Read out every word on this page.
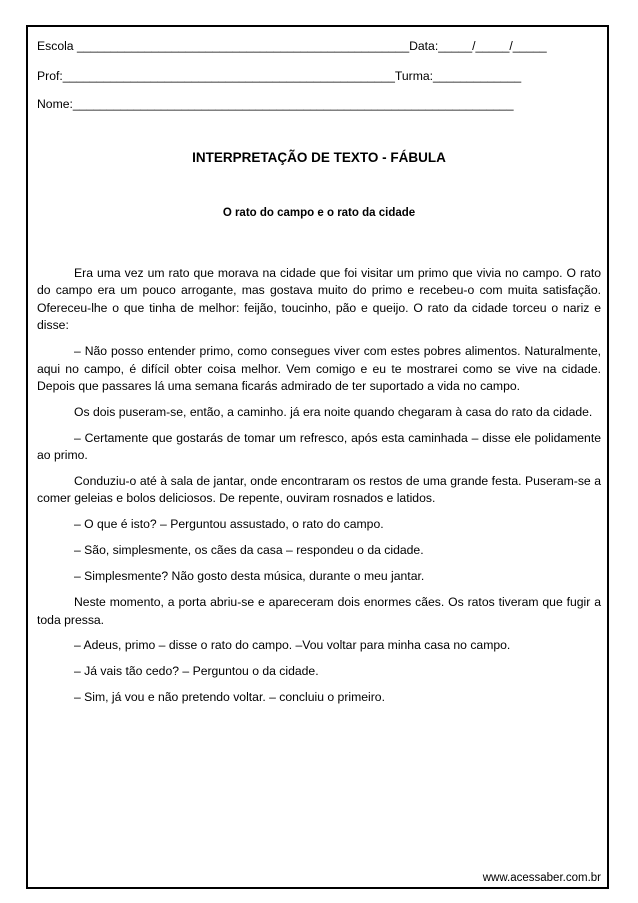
Escola _________________________________________________Data:_____/_____/_____
Prof:_________________________________________________Turma:_____________
Nome:_________________________________________________________________
INTERPRETAÇÃO DE TEXTO - FÁBULA
O rato do campo e o rato da cidade

Era uma vez um rato que morava na cidade que foi visitar um primo que vivia no campo. O rato do campo era um pouco arrogante, mas gostava muito do primo e recebeu-o com muita satisfação. Ofereceu-lhe o que tinha de melhor: feijão, toucinho, pão e queijo. O rato da cidade torceu o nariz e disse:

– Não posso entender primo, como consegues viver com estes pobres alimentos. Naturalmente, aqui no campo, é difícil obter coisa melhor. Vem comigo e eu te mostrarei como se vive na cidade. Depois que passares lá uma semana ficarás admirado de ter suportado a vida no campo.

Os dois puseram-se, então, a caminho. já era noite quando chegaram à casa do rato da cidade.

– Certamente que gostarás de tomar um refresco, após esta caminhada – disse ele polidamente ao primo.

Conduziu-o até à sala de jantar, onde encontraram os restos de uma grande festa. Puseram-se a comer geleias e bolos deliciosos. De repente, ouviram rosnados e latidos.

– O que é isto? – Perguntou assustado, o rato do campo.

– São, simplesmente, os cães da casa – respondeu o da cidade.

– Simplesmente? Não gosto desta música, durante o meu jantar.

Neste momento, a porta abriu-se e apareceram dois enormes cães. Os ratos tiveram que fugir a toda pressa.

– Adeus, primo – disse o rato do campo. –Vou voltar para minha casa no campo.

– Já vais tão cedo? – Perguntou o da cidade.

– Sim, já vou e não pretendo voltar. – concluiu o primeiro.

www.acessaber.com.br
